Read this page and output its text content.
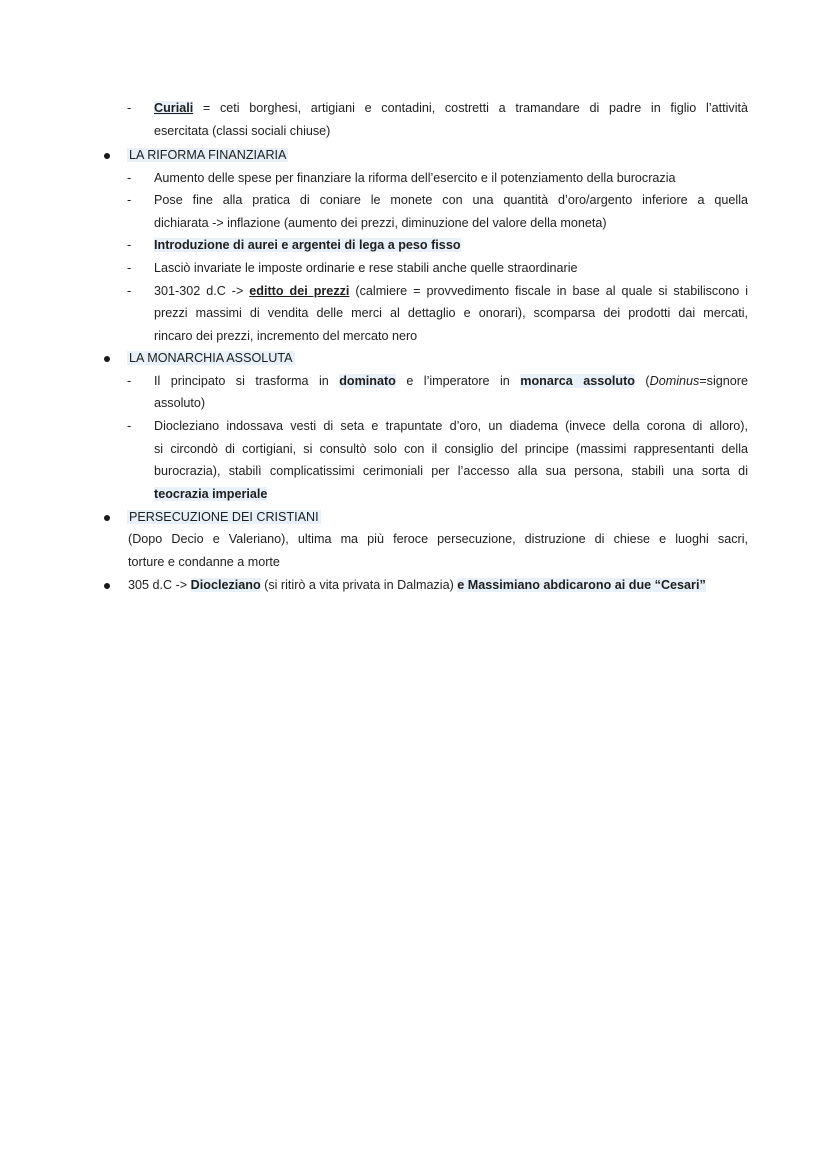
- Curiali = ceti borghesi, artigiani e contadini, costretti a tramandare di padre in figlio l’attività
esercitata (classi sociali chiuse)
LA RIFORMA FINANZIARIA
- Aumento delle spese per finanziare la riforma dell’esercito e il potenziamento della burocrazia
- Pose fine alla pratica di coniare le monete con una quantità d’oro/argento inferiore a quella
dichiarata -> inflazione (aumento dei prezzi, diminuzione del valore della moneta)
- Introduzione di aurei e argentei di lega a peso fisso
- Lasciò invariate le imposte ordinarie e rese stabili anche quelle straordinarie
- 301-302 d.C -> editto dei prezzi (calmiere = provvedimento fiscale in base al quale si stabiliscono i
prezzi massimi di vendita delle merci al dettaglio e onorari), scomparsa dei prodotti dai mercati,
rincaro dei prezzi, incremento del mercato nero
LA MONARCHIA ASSOLUTA
- Il principato si trasforma in dominato e l’imperatore in monarca assoluto (Dominus=signore
assoluto)
- Diocleziano indossava vesti di seta e trapuntate d’oro, un diadema (invece della corona di alloro),
si circondò di cortigiani, si consultò solo con il consiglio del principe (massimi rappresentanti della
burocrazia), stabilì complicatissimi cerimoniali per l’accesso alla sua persona, stabilì una sorta di
teocrazia imperiale
PERSECUZIONE DEI CRISTIANI
(Dopo Decio e Valeriano), ultima ma più feroce persecuzione, distruzione di chiese e luoghi sacri,
torture e condanne a morte
305 d.C -> Diocleziano (si ritirò a vita privata in Dalmazia) e Massimiano abdicarono ai due “Cesari”
